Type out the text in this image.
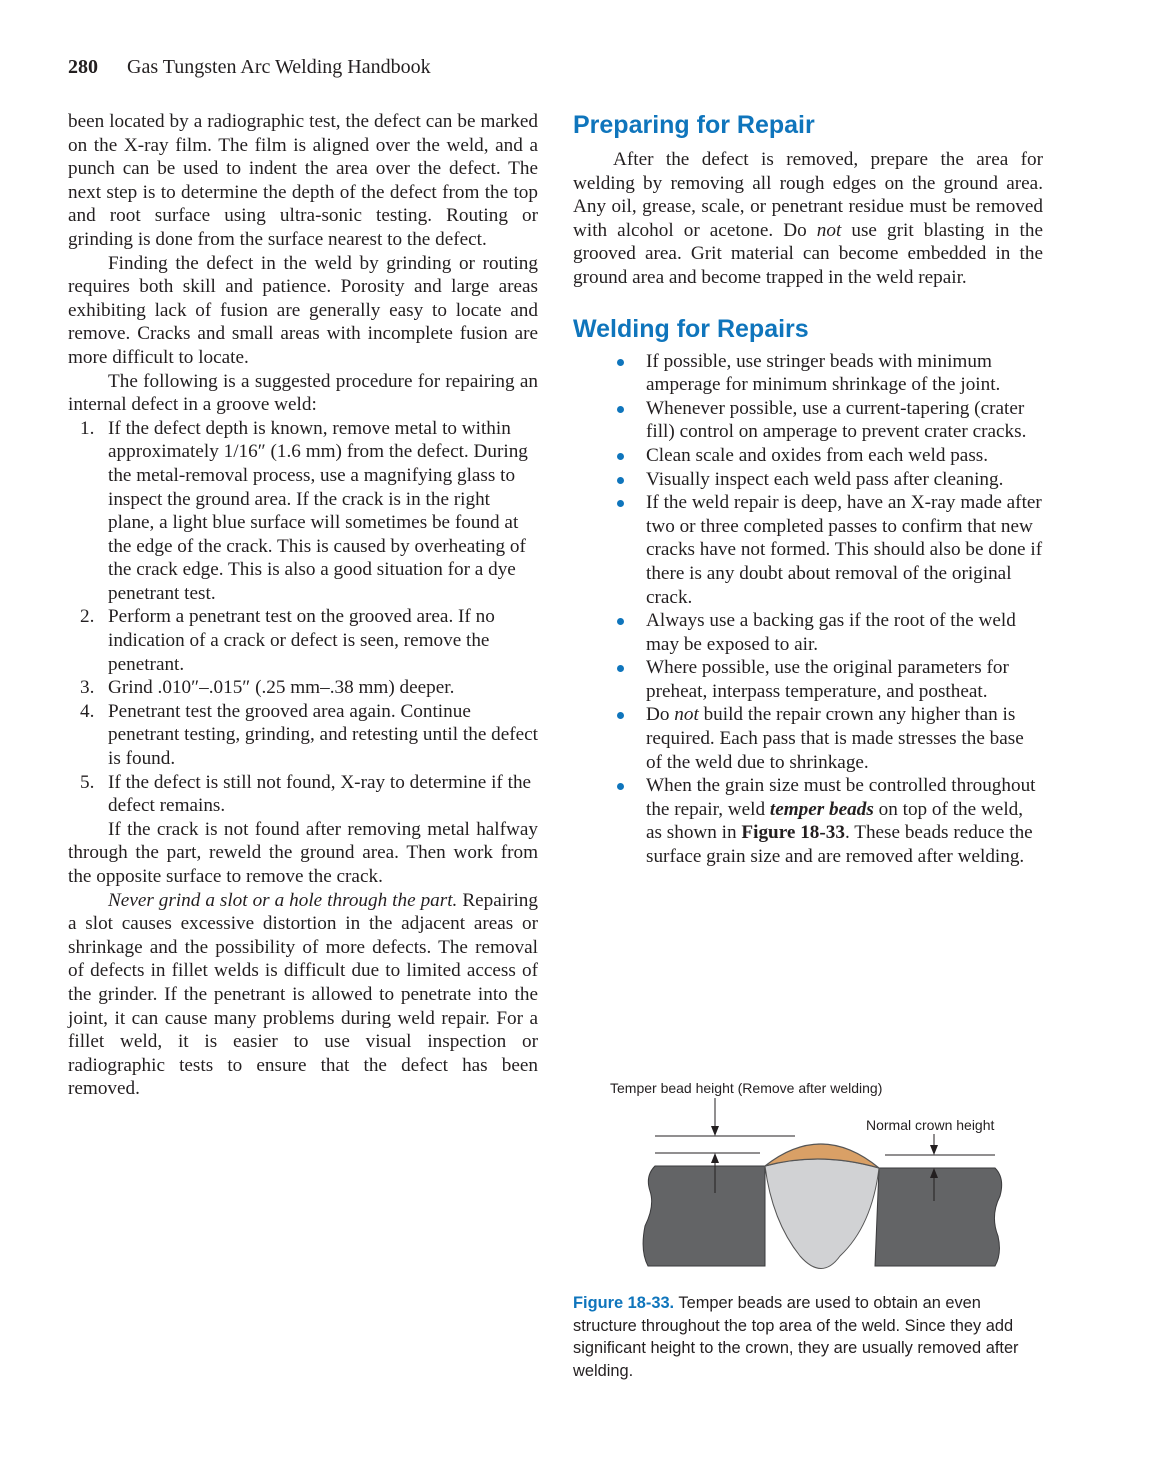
280 Gas Tungsten Arc Welding Handbook

been located by a radiographic test, the defect can be marked on the X-ray film. The film is aligned over the weld, and a punch can be used to indent the area over the defect. The next step is to determine the depth of the defect from the top and root surface using ultra-sonic testing. Routing or grinding is done from the surface nearest to the defect.

Finding the defect in the weld by grinding or routing requires both skill and patience. Porosity and large areas exhibiting lack of fusion are generally easy to locate and remove. Cracks and small areas with incomplete fusion are more difficult to locate.

The following is a suggested procedure for repairing an internal defect in a groove weld:

1. If the defect depth is known, remove metal to within approximately 1/16″ (1.6 mm) from the defect. During the metal-removal process, use a magnifying glass to inspect the ground area. If the crack is in the right plane, a light blue surface will sometimes be found at the edge of the crack. This is caused by overheating of the crack edge. This is also a good situation for a dye penetrant test.
2. Perform a penetrant test on the grooved area. If no indication of a crack or defect is seen, remove the penetrant.
3. Grind .010″–.015″ (.25 mm–.38 mm) deeper.
4. Penetrant test the grooved area again. Continue penetrant testing, grinding, and retesting until the defect is found.
5. If the defect is still not found, X-ray to determine if the defect remains.

If the crack is not found after removing metal halfway through the part, reweld the ground area. Then work from the opposite surface to remove the crack.

Never grind a slot or a hole through the part. Repairing a slot causes excessive distortion in the adjacent areas or shrinkage and the possibility of more defects. The removal of defects in fillet welds is difficult due to limited access of the grinder. If the penetrant is allowed to penetrate into the joint, it can cause many problems during weld repair. For a fillet weld, it is easier to use visual inspection or radiographic tests to ensure that the defect has been removed.

Preparing for Repair

After the defect is removed, prepare the area for welding by removing all rough edges on the ground area. Any oil, grease, scale, or penetrant residue must be removed with alcohol or acetone. Do not use grit blasting in the grooved area. Grit material can become embedded in the ground area and become trapped in the weld repair.

Welding for Repairs
If possible, use stringer beads with minimum amperage for minimum shrinkage of the joint.
Whenever possible, use a current-tapering (crater fill) control on amperage to prevent crater cracks.
Clean scale and oxides from each weld pass.
Visually inspect each weld pass after cleaning.
If the weld repair is deep, have an X-ray made after two or three completed passes to confirm that new cracks have not formed. This should also be done if there is any doubt about removal of the original crack.
Always use a backing gas if the root of the weld may be exposed to air.
Where possible, use the original parameters for preheat, interpass temperature, and postheat.
Do not build the repair crown any higher than is required. Each pass that is made stresses the base of the weld due to shrinkage.
When the grain size must be controlled throughout the repair, weld temper beads on top of the weld, as shown in Figure 18-33. These beads reduce the surface grain size and are removed after welding.
Temper bead height (Remove after welding)
Normal crown height
Figure 18-33. Temper beads are used to obtain an even structure throughout the top area of the weld. Since they add significant height to the crown, they are usually removed after welding.
